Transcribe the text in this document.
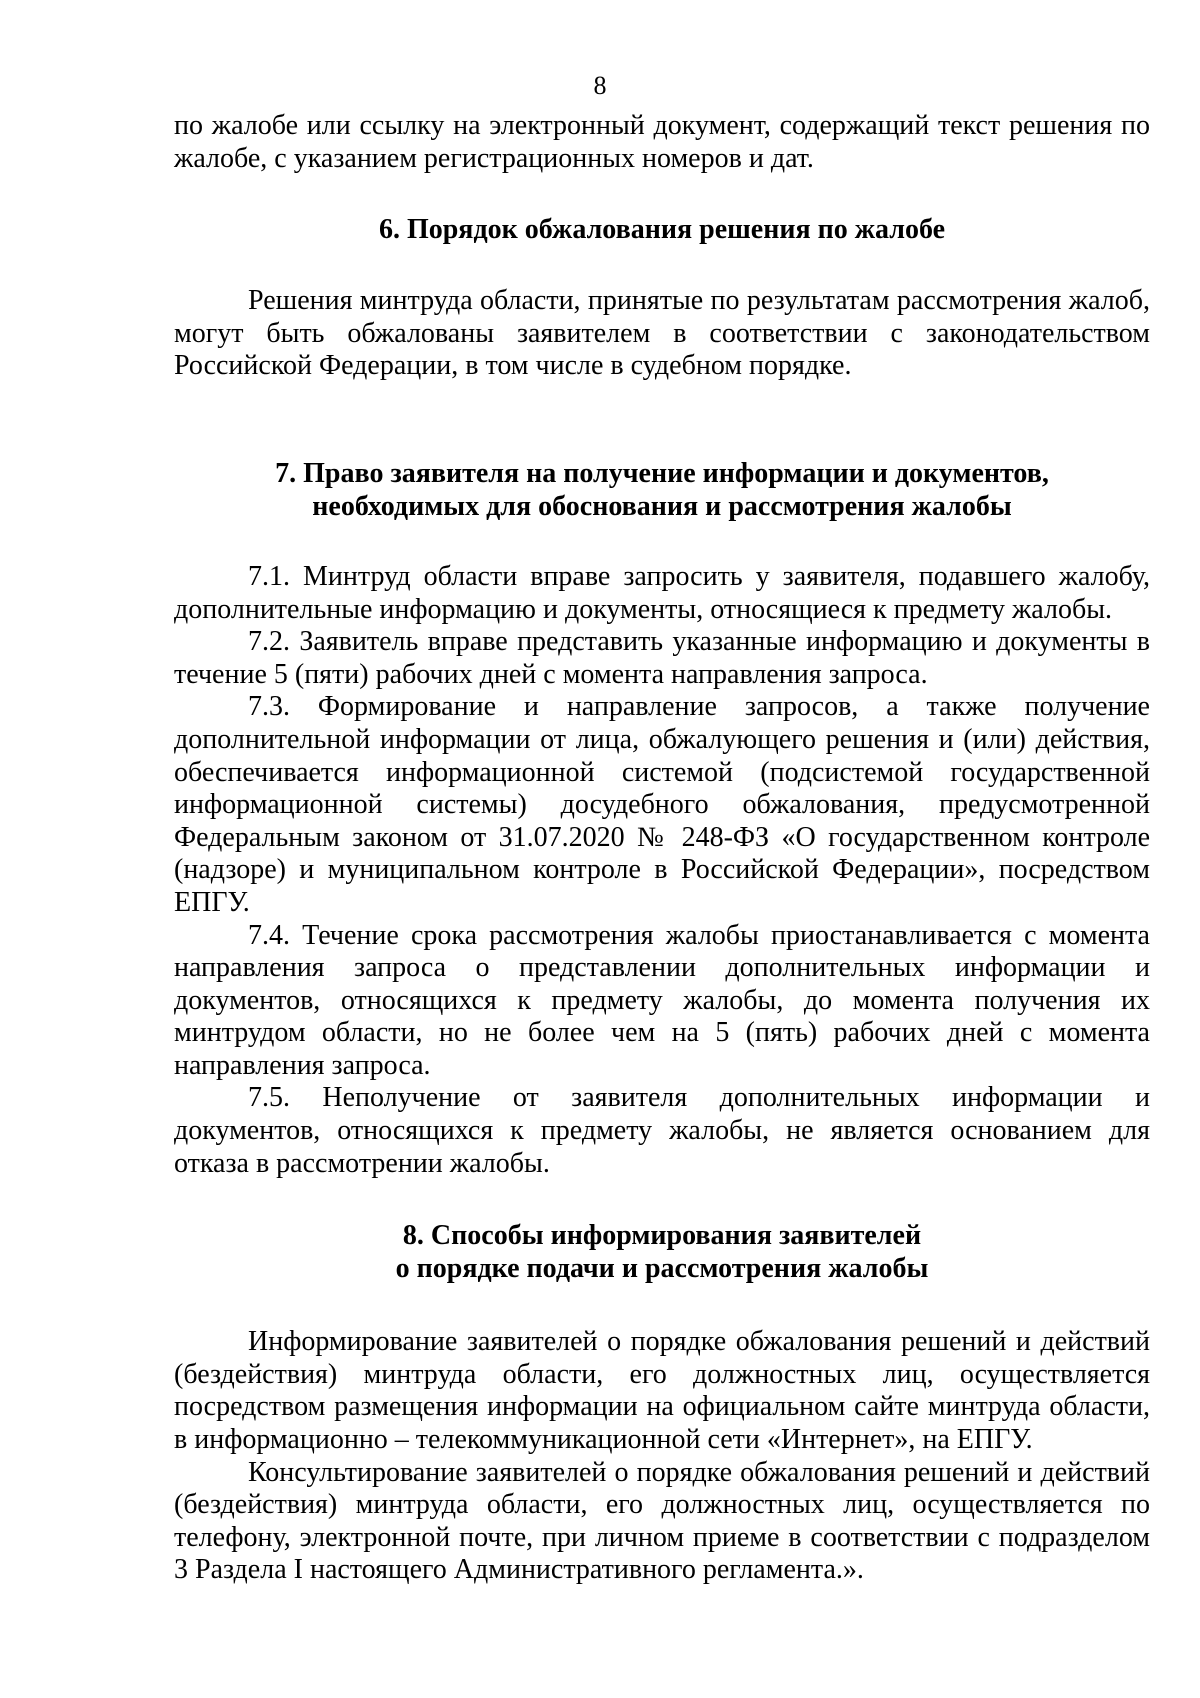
8

по жалобе или ссылку на электронный документ, содержащий текст решения по жалобе, с указанием регистрационных номеров и дат.

6. Порядок обжалования решения по жалобе

Решения минтруда области, принятые по результатам рассмотрения жалоб, могут быть обжалованы заявителем в соответствии с законодательством Российской Федерации, в том числе в судебном порядке.

7. Право заявителя на получение информации и документов,
необходимых для обоснования и рассмотрения жалобы

7.1. Минтруд области вправе запросить у заявителя, подавшего жалобу, дополнительные информацию и документы, относящиеся к предмету жалобы.

7.2. Заявитель вправе представить указанные информацию и документы в течение 5 (пяти) рабочих дней с момента направления запроса.

7.3. Формирование и направление запросов, а также получение дополнительной информации от лица, обжалующего решения и (или) действия, обеспечивается информационной системой (подсистемой государственной информационной системы) досудебного обжалования, предусмотренной Федеральным законом от 31.07.2020 № 248-ФЗ «О государственном контроле (надзоре) и муниципальном контроле в Российской Федерации», посредством ЕПГУ.

7.4. Течение срока рассмотрения жалобы приостанавливается с момента направления запроса о представлении дополнительных информации и документов, относящихся к предмету жалобы, до момента получения их минтрудом области, но не более чем на 5 (пять) рабочих дней с момента направления запроса.

7.5. Неполучение от заявителя дополнительных информации и документов, относящихся к предмету жалобы, не является основанием для отказа в рассмотрении жалобы.

8. Способы информирования заявителей
о порядке подачи и рассмотрения жалобы

Информирование заявителей о порядке обжалования решений и действий (бездействия) минтруда области, его должностных лиц, осуществляется посредством размещения информации на официальном сайте минтруда области, в информационно – телекоммуникационной сети «Интернет», на ЕПГУ.

Консультирование заявителей о порядке обжалования решений и действий (бездействия) минтруда области, его должностных лиц, осуществляется по телефону, электронной почте, при личном приеме в соответствии с подразделом 3 Раздела I настоящего Административного регламента.».
